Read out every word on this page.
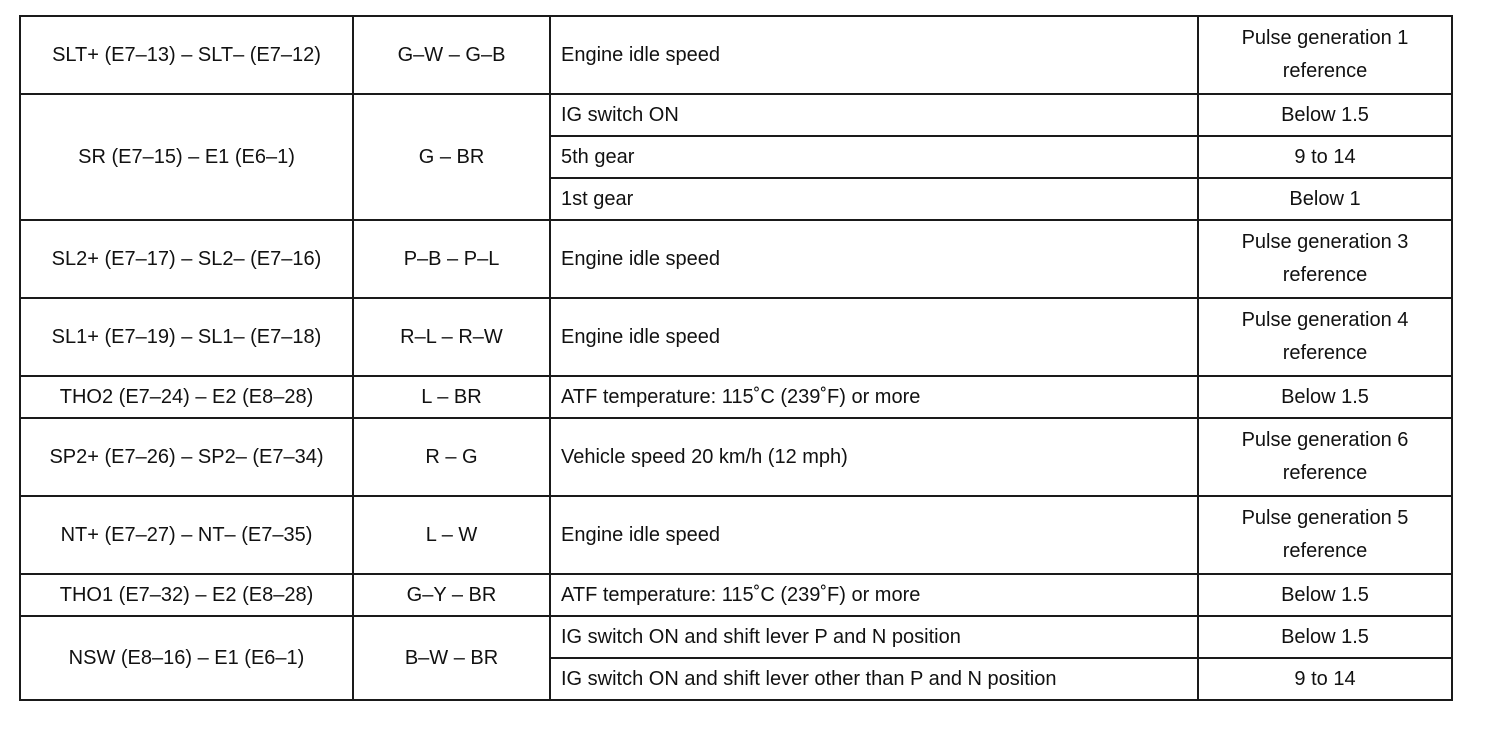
SLT+ (E7–13) – SLT– (E7–12)	G–W – G–B	Engine idle speed	Pulse generation 1 reference
SR (E7–15) – E1 (E6–1)	G – BR	IG switch ON	Below 1.5
		5th gear	9 to 14
		1st gear	Below 1
SL2+ (E7–17) – SL2– (E7–16)	P–B – P–L	Engine idle speed	Pulse generation 3 reference
SL1+ (E7–19) – SL1– (E7–18)	R–L – R–W	Engine idle speed	Pulse generation 4 reference
THO2 (E7–24) – E2 (E8–28)	L – BR	ATF temperature: 115˚C (239˚F) or more	Below 1.5
SP2+ (E7–26) – SP2– (E7–34)	R – G	Vehicle speed 20 km/h (12 mph)	Pulse generation 6 reference
NT+ (E7–27) – NT– (E7–35)	L – W	Engine idle speed	Pulse generation 5 reference
THO1 (E7–32) – E2 (E8–28)	G–Y – BR	ATF temperature: 115˚C (239˚F) or more	Below 1.5
NSW (E8–16) – E1 (E6–1)	B–W – BR	IG switch ON and shift lever P and N position	Below 1.5
		IG switch ON and shift lever other than P and N position	9 to 14
